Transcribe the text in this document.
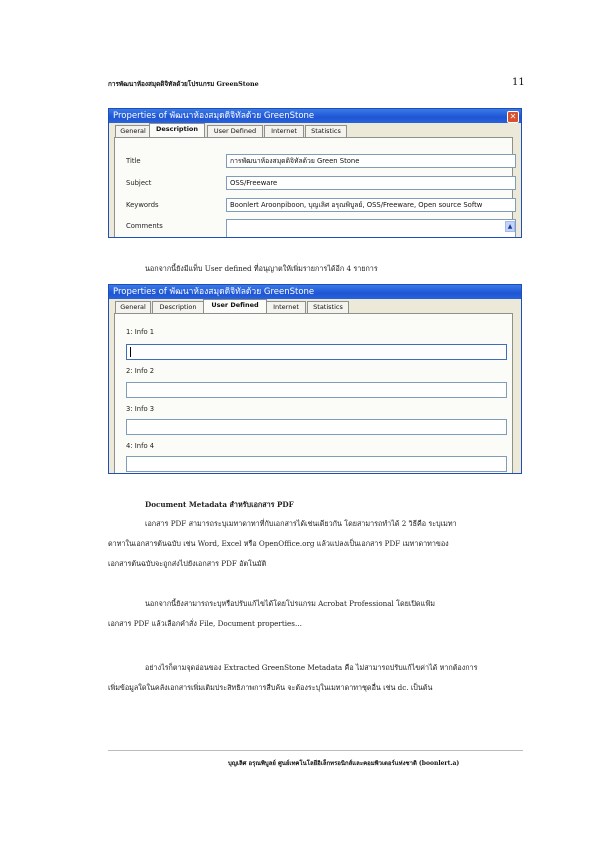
การพัฒนาห้องสมุดดิจิทัลด้วยโปรแกรม GreenStone	11
Properties of พัฒนาห้องสมุดดิจิทัลด้วย GreenStone	✕
General	Description	User Defined	Internet	Statistics
Title	การพัฒนาห้องสมุดดิจิทัลด้วย Green Stone
Subject	OSS/Freeware
Keywords	Boonlert Aroonpiboon, บุญเลิศ อรุณพิบูลย์, OSS/Freeware, Open source Softw
Comments	▲
นอกจากนี้ยังมีแท็บ User defined ที่อนุญาตให้เพิ่มรายการได้อีก 4 รายการ
Properties of พัฒนาห้องสมุดดิจิทัลด้วย GreenStone
General	Description	User Defined	Internet	Statistics
1: Info 1
2: Info 2
3: Info 3
4: Info 4
Document Metadata สำหรับเอกสาร PDF
เอกสาร PDF สามารถระบุเมทาดาทาที่กับเอกสารได้เช่นเดียวกัน โดยสามารถทำได้ 2 วิธีคือ ระบุเมทา
ดาทาในเอกสารต้นฉบับ เช่น Word, Excel หรือ OpenOffice.org แล้วแปลงเป็นเอกสาร PDF เมทาดาทาของ
เอกสารต้นฉบับจะถูกส่งไปยังเอกสาร PDF อัตโนมัติ
นอกจากนี้ยังสามารถระบุหรือปรับแก้ไขได้โดยโปรแกรม Acrobat Professional โดยเปิดแฟ้ม
เอกสาร PDF แล้วเลือกคำสั่ง File, Document properties...
อย่างไรก็ตามจุดอ่อนของ Extracted GreenStone Metadata คือ ไม่สามารถปรับแก้ไขค่าได้ หากต้องการ
เพิ่มข้อมูลใดในคลังเอกสารเพิ่มเติมประสิทธิภาพการสืบค้น จะต้องระบุในเมทาดาทาชุดอื่น เช่น dc. เป็นต้น
บุญเลิศ อรุณพิบูลย์ ศูนย์เทคโนโลยีอิเล็กทรอนิกส์และคอมพิวเตอร์แห่งชาติ (boonlert.a)
